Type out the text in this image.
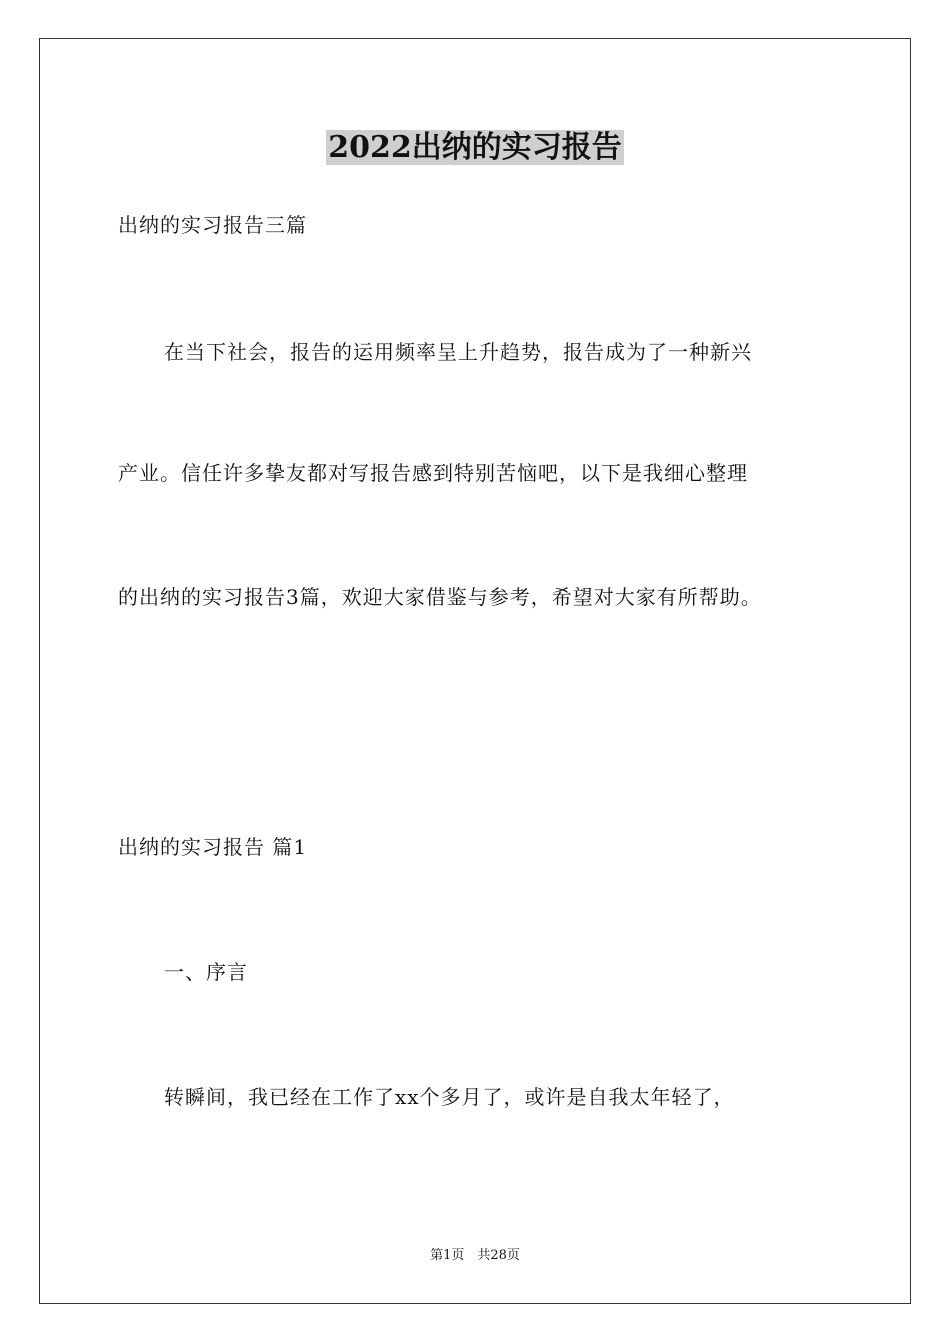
2022出纳的实习报告
出纳的实习报告三篇
在当下社会，报告的运用频率呈上升趋势，报告成为了一种新兴
产业。信任许多挚友都对写报告感到特别苦恼吧，以下是我细心整理
的出纳的实习报告3篇，欢迎大家借鉴与参考，希望对大家有所帮助。
出纳的实习报告 篇1
一、序言
转瞬间，我已经在工作了xx个多月了，或许是自我太年轻了，
第1页　共28页
